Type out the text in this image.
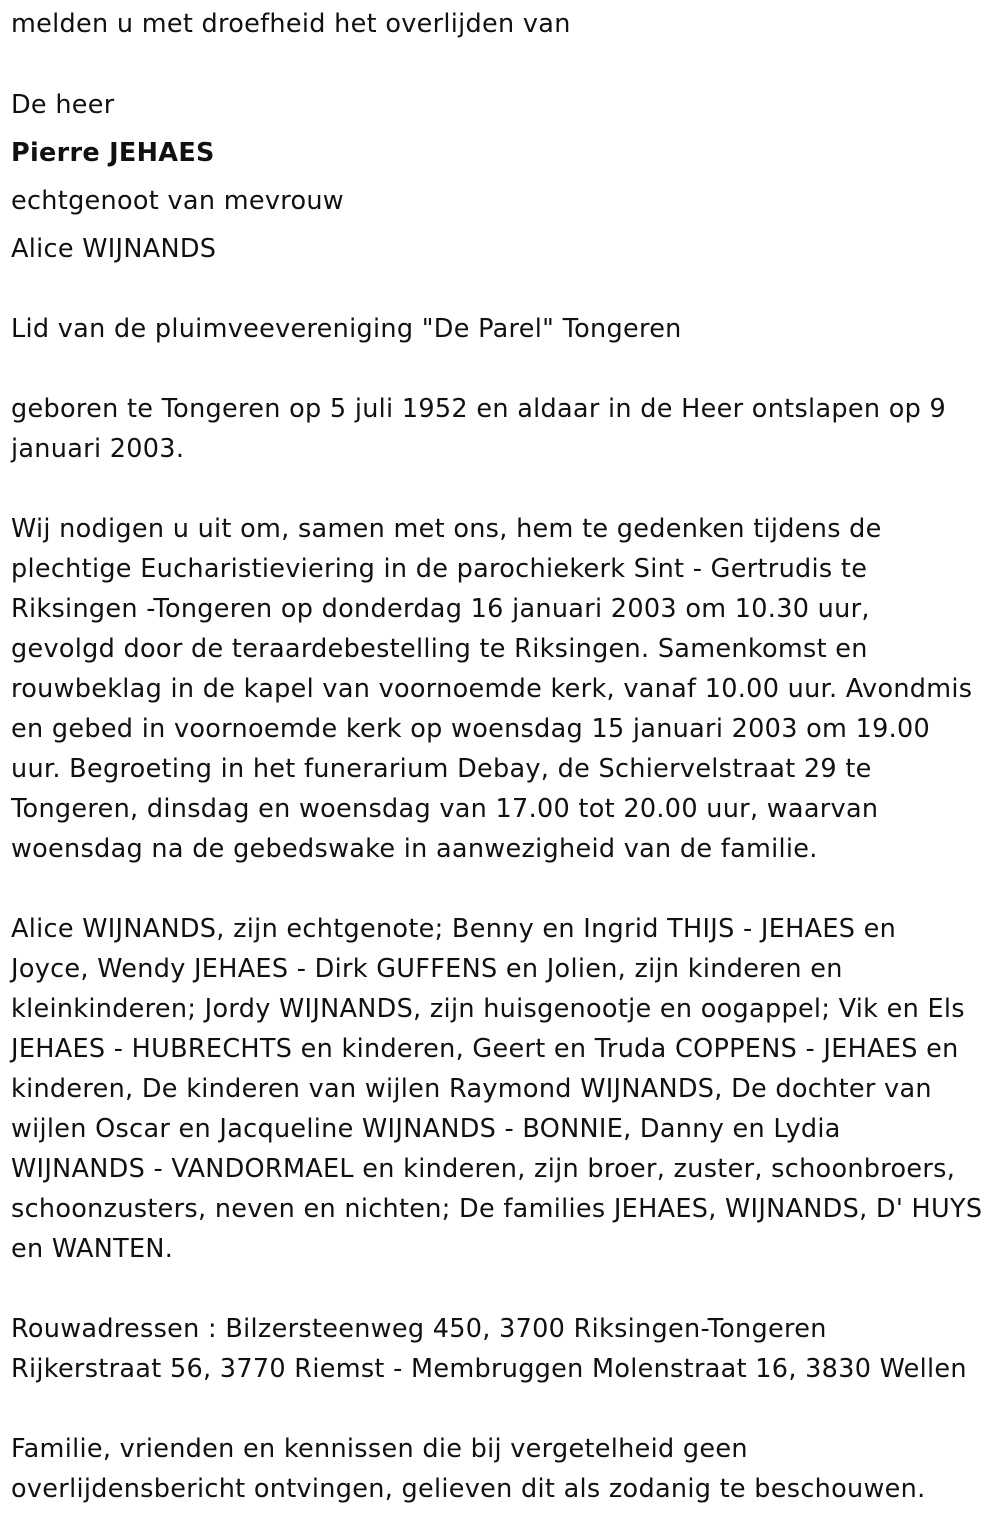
melden u met droefheid het overlijden van

De heer

Pierre JEHAES

echtgenoot van mevrouw

Alice WIJNANDS

Lid van de pluimveevereniging "De Parel" Tongeren

geboren te Tongeren op 5 juli 1952 en aldaar in de Heer ontslapen op 9

januari 2003.

Wij nodigen u uit om, samen met ons, hem te gedenken tijdens de

plechtige Eucharistieviering in de parochiekerk Sint - Gertrudis te

Riksingen -Tongeren op donderdag 16 januari 2003 om 10.30 uur,

gevolgd door de teraardebestelling te Riksingen. Samenkomst en

rouwbeklag in de kapel van voornoemde kerk, vanaf 10.00 uur. Avondmis

en gebed in voornoemde kerk op woensdag 15 januari 2003 om 19.00

uur. Begroeting in het funerarium Debay, de Schiervelstraat 29 te

Tongeren, dinsdag en woensdag van 17.00 tot 20.00 uur, waarvan

woensdag na de gebedswake in aanwezigheid van de familie.

Alice WIJNANDS, zijn echtgenote; Benny en Ingrid THIJS - JEHAES en

Joyce, Wendy JEHAES - Dirk GUFFENS en Jolien, zijn kinderen en

kleinkinderen; Jordy WIJNANDS, zijn huisgenootje en oogappel; Vik en Els

JEHAES - HUBRECHTS en kinderen, Geert en Truda COPPENS - JEHAES en

kinderen, De kinderen van wijlen Raymond WIJNANDS, De dochter van

wijlen Oscar en Jacqueline WIJNANDS - BONNIE, Danny en Lydia

WIJNANDS - VANDORMAEL en kinderen, zijn broer, zuster, schoonbroers,

schoonzusters, neven en nichten; De families JEHAES, WIJNANDS, D' HUYS

en WANTEN.

Rouwadressen : Bilzersteenweg 450, 3700 Riksingen-Tongeren

Rijkerstraat 56, 3770 Riemst - Membruggen Molenstraat 16, 3830 Wellen

Familie, vrienden en kennissen die bij vergetelheid geen

overlijdensbericht ontvingen, gelieven dit als zodanig te beschouwen.
